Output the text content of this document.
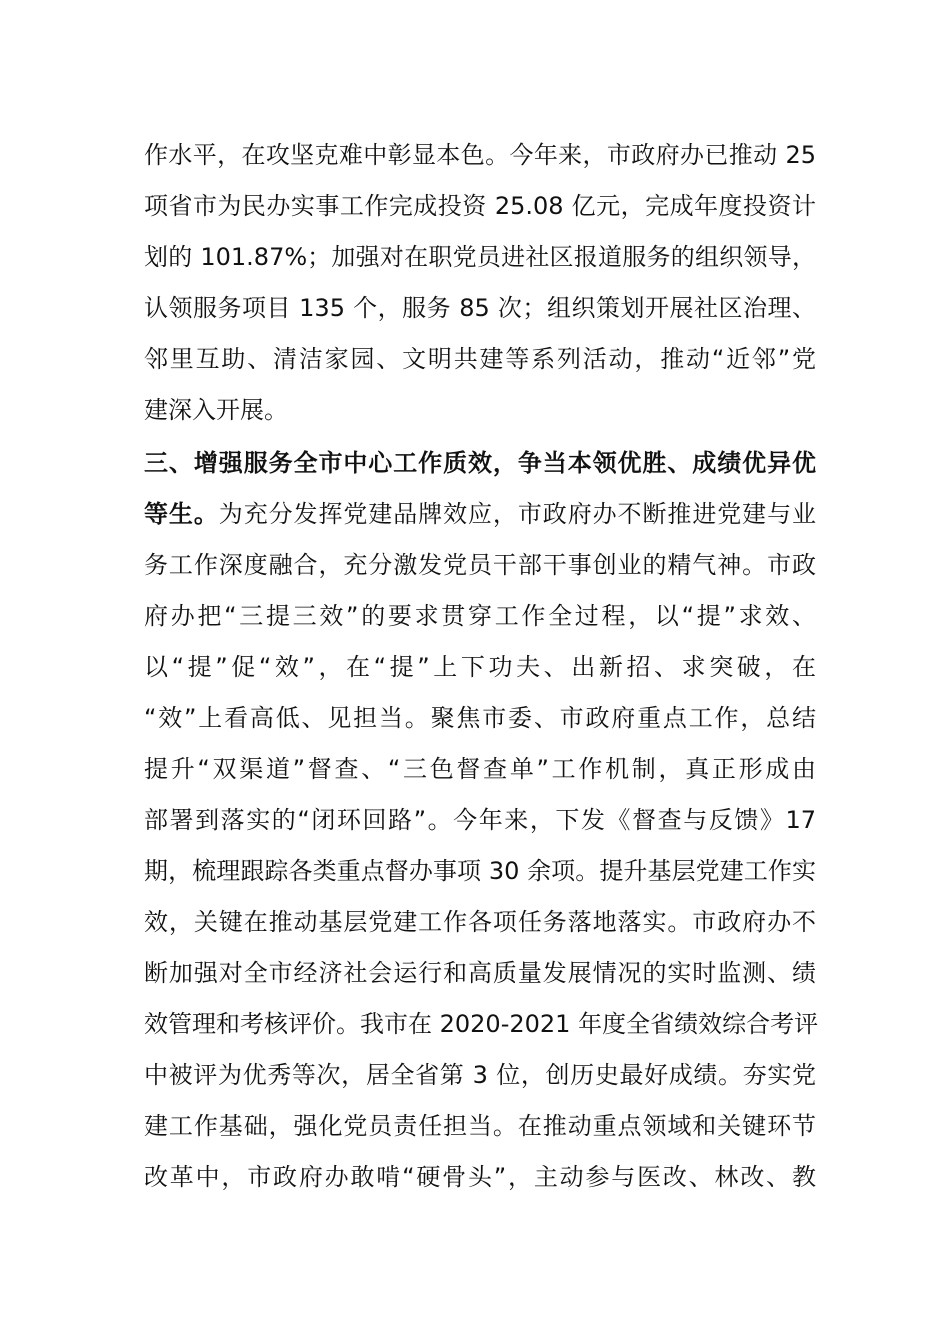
作水平，在攻坚克难中彰显本色。今年来，市政府办已推动 25
项省市为民办实事工作完成投资 25.08 亿元，完成年度投资计
划的 101.87%；加强对在职党员进社区报道服务的组织领导，
认领服务项目 135 个，服务 85 次；组织策划开展社区治理、
邻里互助、清洁家园、文明共建等系列活动，推动“近邻”党
建深入开展。
三、增强服务全市中心工作质效，争当本领优胜、成绩优异优
等生。为充分发挥党建品牌效应，市政府办不断推进党建与业
务工作深度融合，充分激发党员干部干事创业的精气神。市政
府办把“三提三效”的要求贯穿工作全过程，以“提”求效、
以“提”促“效”，在“提”上下功夫、出新招、求突破，在
“效”上看高低、见担当。聚焦市委、市政府重点工作，总结
提升“双渠道”督查、“三色督查单”工作机制，真正形成由
部署到落实的“闭环回路”。今年来，下发《督查与反馈》17
期，梳理跟踪各类重点督办事项 30 余项。提升基层党建工作实
效，关键在推动基层党建工作各项任务落地落实。市政府办不
断加强对全市经济社会运行和高质量发展情况的实时监测、绩
效管理和考核评价。我市在 2020-2021 年度全省绩效综合考评
中被评为优秀等次，居全省第 3 位，创历史最好成绩。夯实党
建工作基础，强化党员责任担当。在推动重点领域和关键环节
改革中，市政府办敢啃“硬骨头”，主动参与医改、林改、教
